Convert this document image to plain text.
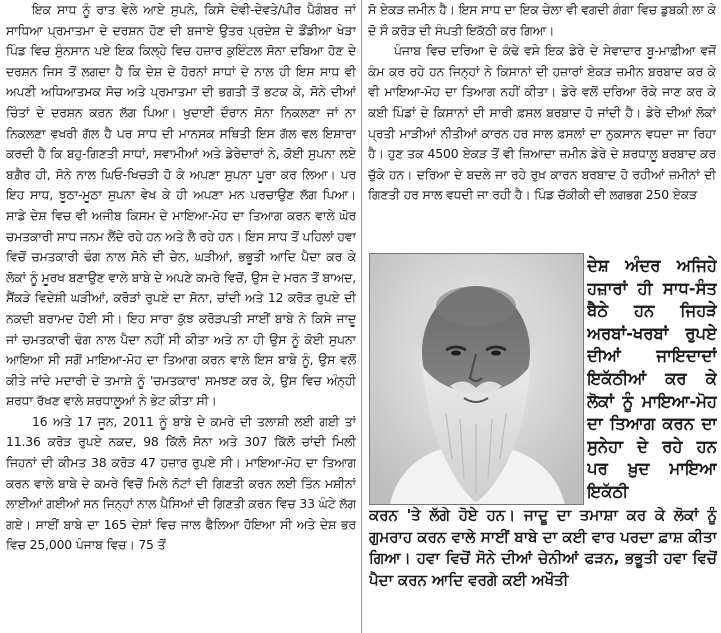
ਇਕ ਸਾਧ ਨੂੰ ਰਾਤ ਵੇਲੇ ਆਏ ਸੁਪਨੇ, ਕਿਸੇ ਦੇਵੀ-ਦੇਵਤੇ/ਪੀਰ ਪੈਗੰਬਰ ਜਾਂ ਸਾਧਿਆ ਪ੍ਰਮਾਤਮਾ ਦੇ ਦਰਸ਼ਨ ਹੋਣ ਦੀ ਬਜਾਏ ਉਤਰ ਪ੍ਰਦੇਸ਼ ਦੇ ਡੌਂਡੀਆ ਖੇੜਾ ਪਿੰਡ ਵਿਚ ਸੁੰਨਸਾਨ ਪਏ ਇਕ ਕਿਲ੍ਹੇ ਵਿਚ ਹਜ਼ਾਰ ਕੁਇੰਟਲ ਸੋਨਾ ਦਬਿਆ ਹੋਣ ਦੇ ਦਰਸ਼ਨ ਜਿਸ ਤੋਂ ਲਗਦਾ ਹੈ ਕਿ ਦੇਸ਼ ਦੇ ਹੋਰਨਾਂ ਸਾਧਾਂ ਦੇ ਨਾਲ ਹੀ ਇਸ ਸਾਧ ਵੀ ਅਪਣੀ ਅਧਿਆਤਮਕ ਸੋਚ ਅਤੇ ਪ੍ਰਮਾਤਮਾ ਦੀ ਭਗਤੀ ਤੋਂ ਭਟਕ ਕੇ, ਸੋਨੇ ਦੀਆਂ ਚਿੰਤਾਂ ਦੇ ਦਰਸ਼ਨ ਕਰਨ ਲੱਗ ਪਿਆ। ਖੁਦਾਈ ਦੌਰਾਨ ਸੋਨਾ ਨਿਕਲਣਾ ਜਾਂ ਨਾ ਨਿਕਲਣਾ ਵਖਰੀ ਗੱਲ ਹੈ ਪਰ ਸਾਧ ਦੀ ਮਾਨਸਕ ਸਥਿਤੀ ਇਸ ਗੱਲ ਵਲ ਇਸ਼ਾਰਾ ਕਰਦੀ ਹੈ ਕਿ ਬਹੁ-ਗਿਣਤੀ ਸਾਧਾਂ, ਸਵਾਮੀਆਂ ਅਤੇ ਡੇਰੇਦਾਰਾਂ ਨੇ, ਕੋਈ ਸੁਪਨਾ ਲਏ ਬਗ਼ੈਰ ਹੀ, ਸੋਨੇ ਨਾਲ ਘਿਓ-ਖਿਚੜੀ ਹੋ ਕੇ ਅਪਣਾ ਸੁਪਨਾ ਪੂਰਾ ਕਰ ਲਿਆ। ਪਰ ਇਹ ਸਾਧ, ਝੂਠਾ-ਮੂਠਾ ਸੁਪਨਾ ਵੇਖ ਕੇ ਹੀ ਅਪਣਾ ਮਨ ਪਰਚਾਉਣ ਲੱਗ ਪਿਆ। ਸਾਡੇ ਦੇਸ਼ ਵਿਚ ਵੀ ਅਜੀਬ ਕਿਸਮ ਦੇ ਮਾਇਆ-ਮੋਹ ਦਾ ਤਿਆਗ ਕਰਨ ਵਾਲੇ ਘੋਰ ਚਮਤਕਾਰੀ ਸਾਧ ਜਨਮ ਲੈਂਦੇ ਰਹੇ ਹਨ ਅਤੇ ਲੈ ਰਹੇ ਹਨ। ਇਸ ਸਾਧ ਤੋਂ ਪਹਿਲਾਂ ਹਵਾ ਵਿਚੋਂ ਚਮਤਕਾਰੀ ਢੰਗ ਨਾਲ ਸੋਨੇ ਦੀ ਚੇਨ, ਘੜੀਆਂ, ਭਭੂਤੀ ਆਦਿ ਪੈਦਾ ਕਰ ਕੇ ਲੋਕਾਂ ਨੂੰ ਮੂਰਖ ਬਣਾਉਣ ਵਾਲੇ ਬਾਬੇ ਦੇ ਅਪਣੇ ਕਮਰੇ ਵਿਚੋਂ, ਉਸ ਦੇ ਮਰਨ ਤੋਂ ਬਾਅਦ, ਸੈਂਕੜੇ ਵਿਦੇਸ਼ੀ ਘੜੀਆਂ, ਕਰੋੜਾਂ ਰੁਪਏ ਦਾ ਸੋਨਾ, ਚਾਂਦੀ ਅਤੇ 12 ਕਰੋੜ ਰੁਪਏ ਦੀ ਨਕਦੀ ਬਰਾਮਦ ਹੋਈ ਸੀ। ਇਹ ਸਾਰਾ ਕੁੱਝ ਕਰੋੜਪਤੀ ਸਾਈਂ ਬਾਬੇ ਨੇ ਕਿਸੇ ਜਾਦੂ ਜਾਂ ਚਮਤਕਾਰੀ ਢੰਗ ਨਾਲ ਪੈਦਾ ਨਹੀਂ ਸੀ ਕੀਤਾ ਅਤੇ ਨਾ ਹੀ ਉਸ ਨੂੰ ਕੋਈ ਸੁਪਨਾ ਆਇਆ ਸੀ ਸਗੋਂ ਮਾਇਆ-ਮੋਹ ਦਾ ਤਿਆਗ ਕਰਨ ਵਾਲੇ ਇਸ ਬਾਬੇ ਨੂੰ, ਉਸ ਵਲੋਂ ਕੀਤੇ ਜਾਂਦੇ ਮਦਾਰੀ ਦੇ ਤਮਾਸ਼ੇ ਨੂੰ 'ਚਮਤਕਾਰ' ਸਮਝਣ ਕਰ ਕੇ, ਉਸ ਵਿਚ ਅੰਨ੍ਹੀ ਸ਼ਰਧਾ ਰੱਖਣ ਵਾਲੇ ਸ਼ਰਧਾਲੂਆਂ ਨੇ ਭੇਟ ਕੀਤਾ ਸੀ।

16 ਅਤੇ 17 ਜੂਨ, 2011 ਨੂੰ ਬਾਬੇ ਦੇ ਕਮਰੇ ਦੀ ਤਲਾਸ਼ੀ ਲਈ ਗਈ ਤਾਂ 11.36 ਕਰੋੜ ਰੁਪਏ ਨਕਦ, 98 ਕਿੱਲੋ ਸੋਨਾ ਅਤੇ 307 ਕਿੱਲੋ ਚਾਂਦੀ ਮਿਲੀ ਜਿਹਨਾਂ ਦੀ ਕੀਮਤ 38 ਕਰੋੜ 47 ਹਜ਼ਾਰ ਰੁਪਏ ਸੀ। ਮਾਇਆ-ਮੋਹ ਦਾ ਤਿਆਗ ਕਰਨ ਵਾਲੇ ਬਾਬੇ ਦੇ ਕਮਰੇ ਵਿਚੋਂ ਮਿਲੇ ਨੋਟਾਂ ਦੀ ਗਿਣਤੀ ਕਰਨ ਲਈ ਤਿੰਨ ਮਸ਼ੀਨਾਂ ਲਾਈਆਂ ਗਈਆਂ ਸਨ ਜਿਨ੍ਹਾਂ ਨਾਲ ਪੈਸਿਆਂ ਦੀ ਗਿਣਤੀ ਕਰਨ ਵਿਚ 33 ਘੰਟੇ ਲੱਗ ਗਏ। ਸਾਈਂ ਬਾਬੇ ਦਾ 165 ਦੇਸ਼ਾਂ ਵਿਚ ਜਾਲ ਫੈਲਿਆ ਹੋਇਆ ਸੀ ਅਤੇ ਦੇਸ਼ ਭਰ ਵਿਚ 25,000 ਪੰਜਾਬ ਵਿਚ। 75 ਤੋਂ

ਸੋ ਏਕੜ ਜ਼ਮੀਨ ਹੈ। ਇਸ ਸਾਧ ਦਾ ਇਕ ਚੇਲਾ ਵੀ ਵਗਦੀ ਗੰਗਾ ਵਿਚ ਡੁਬਕੀ ਲਾ ਕੇ ਦੋ ਸੌ ਕਰੋੜ ਦੀ ਸੰਪਤੀ ਇਕੱਠੀ ਕਰ ਗਿਆ।

ਪੰਜਾਬ ਵਿਚ ਦਰਿਆ ਦੇ ਕੰਢੇ ਵਸੇ ਇਕ ਡੇਰੇ ਦੇ ਸੇਵਾਦਾਰ ਬੂ-ਮਾਫ਼ੀਆ ਵਜੋਂ ਕੰਮ ਕਰ ਰਹੇ ਹਨ ਜਿਨ੍ਹਾਂ ਨੇ ਕਿਸਾਨਾਂ ਦੀ ਹਜ਼ਾਰਾਂ ਏਕੜ ਜ਼ਮੀਨ ਬਰਬਾਦ ਕਰ ਕੇ ਵੀ ਮਾਇਆ-ਮੋਹ ਦਾ ਤਿਆਗ ਨਹੀਂ ਕੀਤਾ। ਡੇਰੇ ਵਲੋਂ ਦਰਿਆ ਰੋਕੇ ਜਾਣ ਕਰ ਕੇ ਕਈ ਪਿੰਡਾਂ ਦੇ ਕਿਸਾਨਾਂ ਦੀ ਸਾਰੀ ਫ਼ਸਲ ਬਰਬਾਦ ਹੋ ਜਾਂਦੀ ਹੈ। ਡੇਰੇ ਦੀਆਂ ਲੋਕਾਂ ਪ੍ਰਤੀ ਮਾੜੀਆਂ ਨੀਤੀਆਂ ਕਾਰਨ ਹਰ ਸਾਲ ਫ਼ਸਲਾਂ ਦਾ ਨੁਕਸਾਨ ਵਧਦਾ ਜਾ ਰਿਹਾ ਹੈ। ਹੁਣ ਤਕ 4500 ਏਕੜ ਤੋਂ ਵੀ ਜ਼ਿਆਦਾ ਜ਼ਮੀਨ ਡੇਰੇ ਦੇ ਸ਼ਰਧਾਲੂ ਬਰਬਾਦ ਕਰ ਚੁੱਕੇ ਹਨ। ਦਰਿਆ ਦੇ ਬਦਲੇ ਜਾ ਰਹੇ ਰੁਖ਼ ਕਾਰਨ ਬਰਬਾਦ ਹੋ ਰਹੀਆਂ ਜ਼ਮੀਨਾਂ ਦੀ ਗਿਣਤੀ ਹਰ ਸਾਲ ਵਧਦੀ ਜਾ ਰਹੀ ਹੈ। ਪਿੰਡ ਚੱਕੀਕੀ ਦੀ ਲਗਭਗ 250 ਏਕੜ

ਦੇਸ਼ ਅੰਦਰ ਅਜਿਹੇ ਹਜ਼ਾਰਾਂ ਹੀ ਸਾਧ-ਸੰਤ ਬੈਠੇ ਹਨ ਜਿਹੜੇ ਅਰਬਾਂ-ਖਰਬਾਂ ਰੁਪਏ ਦੀਆਂ ਜਾਇਦਾਦਾਂ ਇਕੱਠੀਆਂ ਕਰ ਕੇ ਲੋਕਾਂ ਨੂੰ ਮਾਇਆ-ਮੋਹ ਦਾ ਤਿਆਗ ਕਰਨ ਦਾ ਸੁਨੇਹਾ ਦੇ ਰਹੇ ਹਨ ਪਰ ਖ਼ੁਦ ਮਾਇਆ ਇਕੱਠੀ

ਕਰਨ 'ਤੇ ਲੱਗੇ ਹੋਏ ਹਨ। ਜਾਦੂ ਦਾ ਤਮਾਸ਼ਾ ਕਰ ਕੇ ਲੋਕਾਂ ਨੂੰ ਗੁਮਰਾਹ ਕਰਨ ਵਾਲੇ ਸਾਈਂ ਬਾਬੇ ਦਾ ਕਈ ਵਾਰ ਪਰਦਾ ਫ਼ਾਸ਼ ਕੀਤਾ ਗਿਆ। ਹਵਾ ਵਿਚੋਂ ਸੋਨੇ ਦੀਆਂ ਚੇਨੀਆਂ ਫੜਨ, ਭਭੂਤੀ ਹਵਾ ਵਿਚੋਂ ਪੈਦਾ ਕਰਨ ਆਦਿ ਵਰਗੇ ਕਈ ਅਖੌਤੀ
